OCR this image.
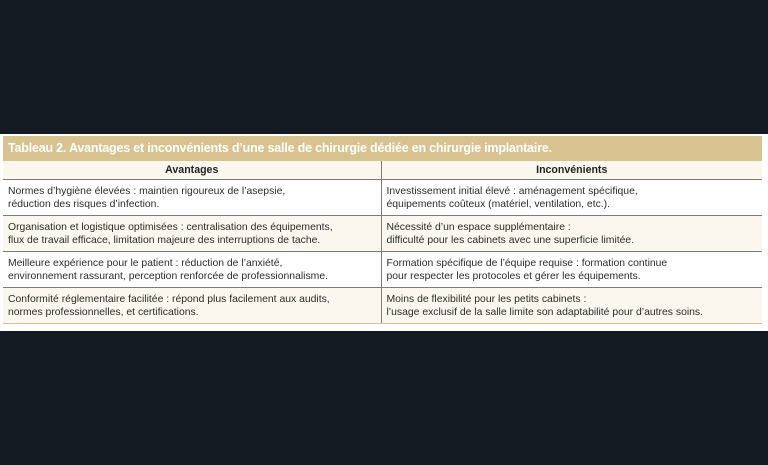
Tableau 2. Avantages et inconvénients d’une salle de chirurgie dédiée en chirurgie implantaire.
Avantages	Inconvénients

Normes d’hygiène élevées : maintien rigoureux de l’asepsie,
réduction des risques d’infection.	Investissement initial élevé : aménagement spécifique,
équipements coûteux (matériel, ventilation, etc.).

Organisation et logistique optimisées : centralisation des équipements,
flux de travail efficace, limitation majeure des interruptions de tache.	Nécessité d’un espace supplémentaire :
difficulté pour les cabinets avec une superficie limitée.

Meilleure expérience pour le patient : réduction de l’anxiété,
environnement rassurant, perception renforcée de professionnalisme.	Formation spécifique de l’équipe requise : formation continue
pour respecter les protocoles et gérer les équipements.

Conformité réglementaire facilitée : répond plus facilement aux audits,
normes professionnelles, et certifications.	Moins de flexibilité pour les petits cabinets :
l’usage exclusif de la salle limite son adaptabilité pour d’autres soins.
